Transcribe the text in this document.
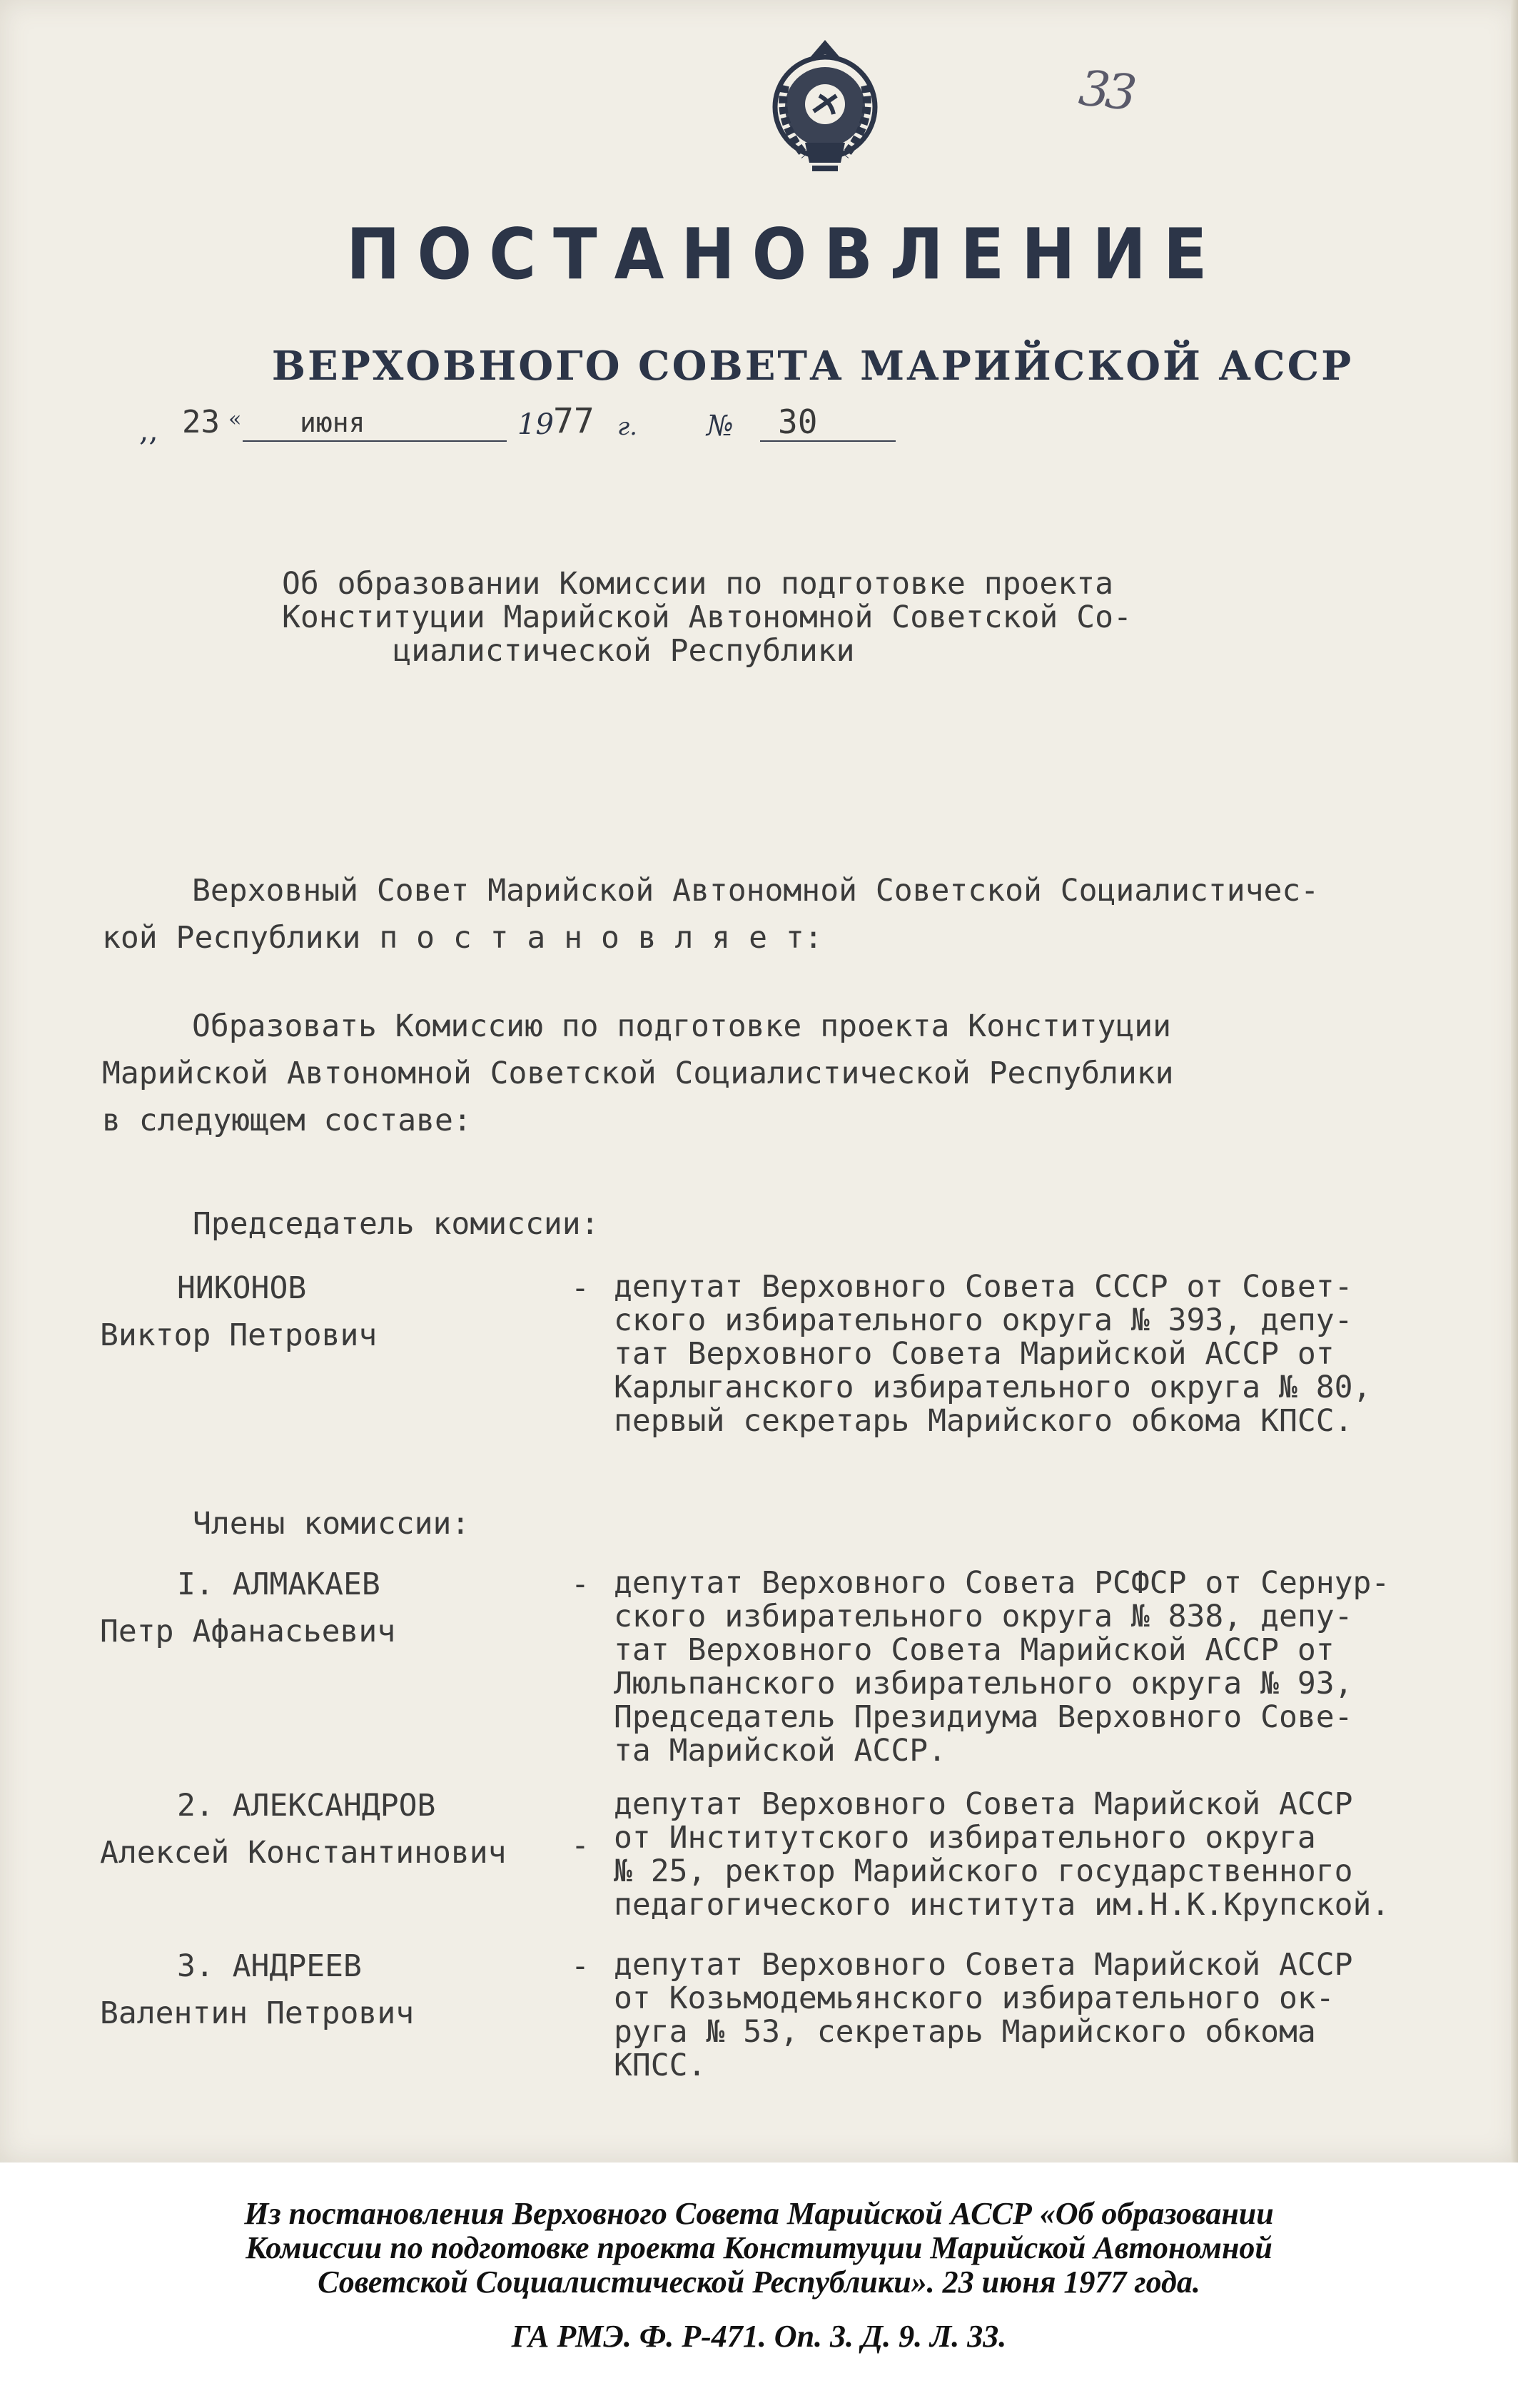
33
ПОСТАНОВЛЕНИЕ
ВЕРХОВНОГО СОВЕТА МАРИЙСКОЙ АССР
,, 23 « июня	19 77 г. № 30
Об образовании Комиссии по подготовке проекта
Конституции Марийской Автономной Советской Со-
циалистической Республики
Верховный Совет Марийской Автономной Советской Социалистичес-
кой Республики п о с т а н о в л я е т:
Образовать Комиссию по подготовке проекта Конституции
Марийской Автономной Советской Социалистической Республики
в следующем составе:
Председатель комиссии:
НИКОНОВ
Виктор Петрович
- депутат Верховного Совета СССР от Совет-
ского избирательного округа № 393, депу-
тат Верховного Совета Марийской АССР от
Карлыганского избирательного округа № 80,
первый секретарь Марийского обкома КПСС.
Члены комиссии:
I. АЛМАКАЕВ
Петр Афанасьевич
- депутат Верховного Совета РСФСР от Сернур-
ского избирательного округа № 838, депу-
тат Верховного Совета Марийской АССР от
Люльпанского избирательного округа № 93,
Председатель Президиума Верховного Сове-
та Марийской АССР.
2. АЛЕКСАНДРОВ
Алексей Константинович -
депутат Верховного Совета Марийской АССР
от Институтского избирательного округа
№ 25, ректор Марийского государственного
педагогического института им.Н.К.Крупской.
3. АНДРЕЕВ
Валентин Петрович
- депутат Верховного Совета Марийской АССР
от Козьмодемьянского избирательного ок-
руга № 53, секретарь Марийского обкома
КПСС.
Из постановления Верховного Совета Марийской АССР «Об образовании
Комиссии по подготовке проекта Конституции Марийской Автономной
Советской Социалистической Республики». 23 июня 1977 года.
ГА РМЭ. Ф. Р-471. Оп. 3. Д. 9. Л. 33.
